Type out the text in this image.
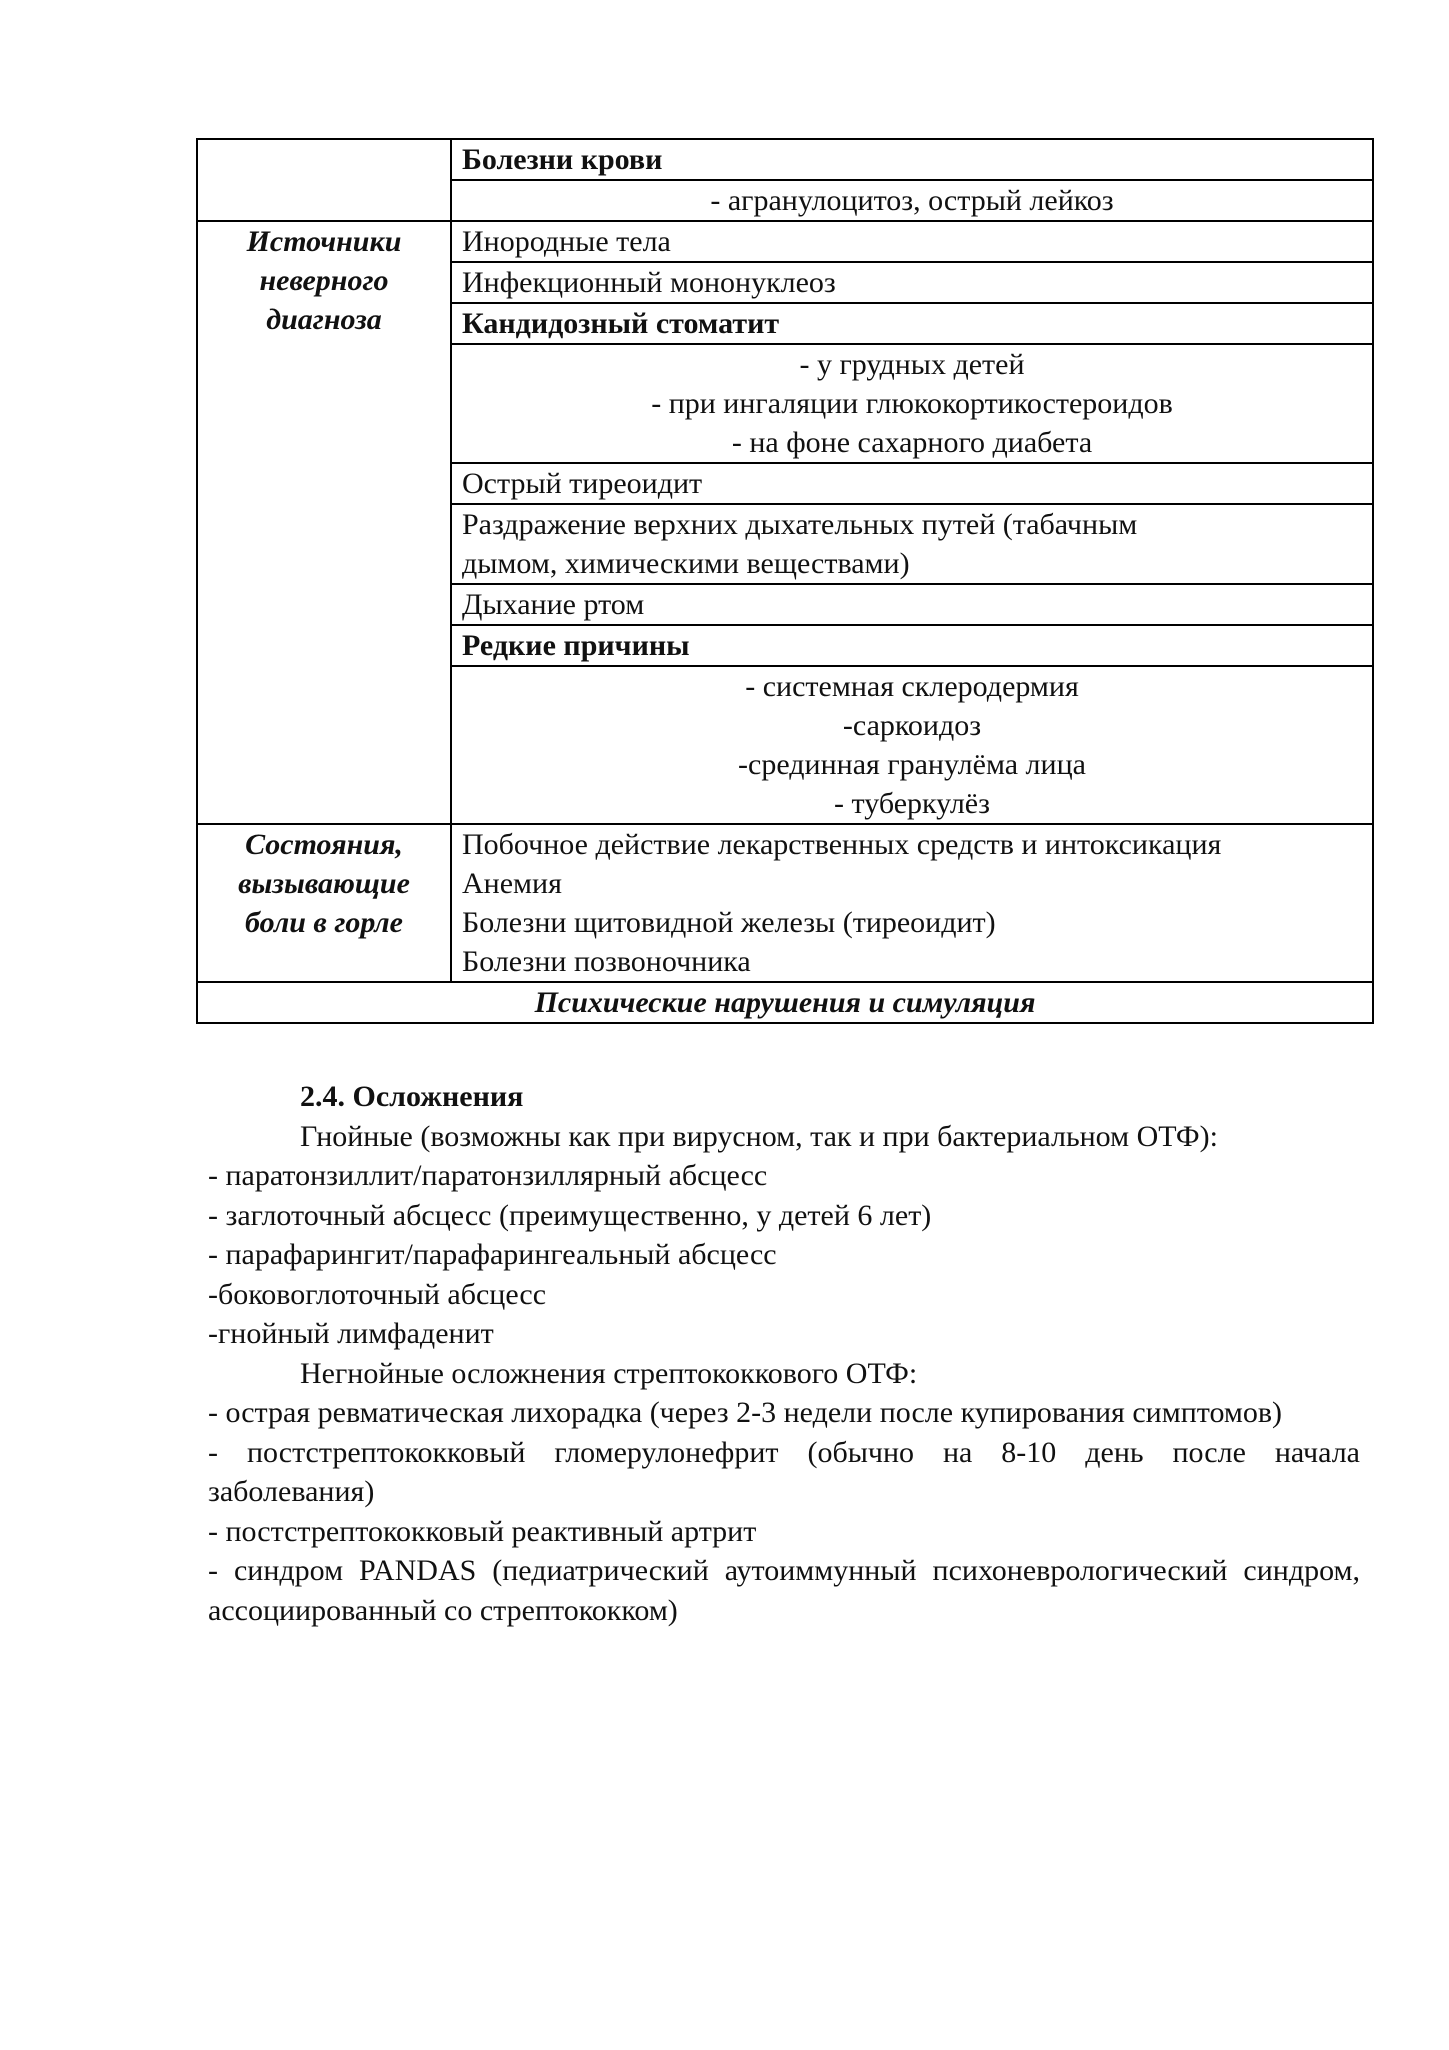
	Болезни крови

	- агранулоцитоз, острый лейкоз

Источники неверного диагноза	Инородные тела
	Инфекционный мононуклеоз
	Кандидозный стоматит

	- у грудных детей
- при ингаляции глюкокортикостероидов
- на фоне сахарного диабета

	Острый тиреоидит

	Раздражение верхних дыхательных путей (табачным
дымом, химическими веществами)

	Дыхание ртом
	Редкие причины

	- системная склеродермия
-саркоидоз
-срединная гранулёма лица
- туберкулёз

Состояния, вызывающие боли в горле	Побочное действие лекарственных средств и интоксикация
Анемия
Болезни щитовидной железы (тиреоидит)
Болезни позвоночника

Психические нарушения и симуляция	
2.4. Осложнения
Гнойные (возможны как при вирусном, так и при бактериальном ОТФ):
- паратонзиллит/паратонзиллярный абсцесс
- заглоточный абсцесс (преимущественно, у детей 6 лет)
- парафарингит/парафарингеальный абсцесс
-боковоглоточный абсцесс
-гнойный лимфаденит
Негнойные осложнения стрептококкового ОТФ:
- острая ревматическая лихорадка (через 2-3 недели после купирования симптомов)
- постстрептококковый гломерулонефрит (обычно на 8-10 день после начала заболевания)
- постстрептококковый реактивный артрит
- синдром PANDAS (педиатрический аутоиммунный психоневрологический синдром, ассоциированный со стрептококком)
